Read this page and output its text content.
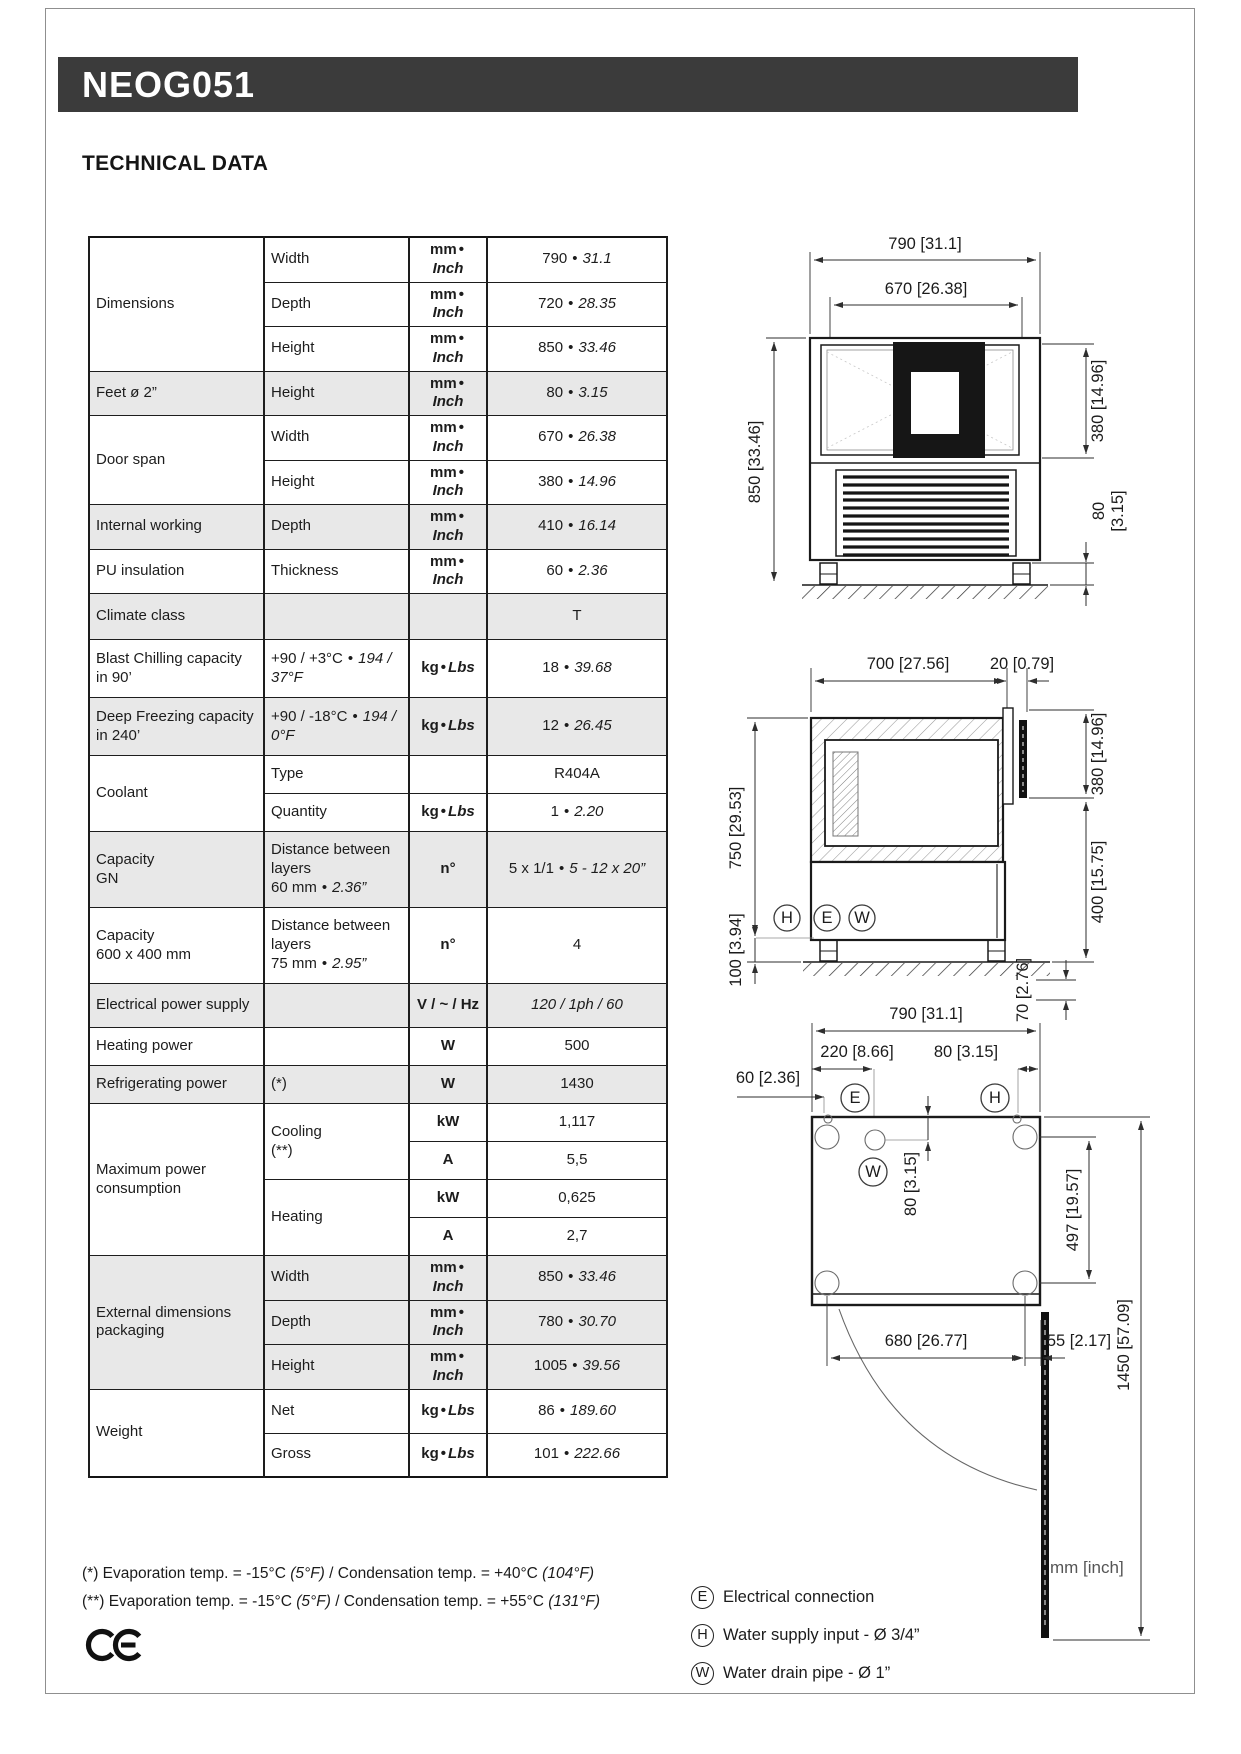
NEOG051
TECHNICAL DATA
Dimensions	Width	mm •Inch	790 • 31.1
	Depth	mm •Inch	720 • 28.35
	Height	mm •Inch	850 • 33.46
Feet ø 2”	Height	mm •Inch	80 • 3.15
Door span	Width	mm •Inch	670 • 26.38
	Height	mm •Inch	380 • 14.96
Internal working	Depth	mm •Inch	410 • 16.14
PU insulation	Thickness	mm •Inch	60 • 2.36
Climate class			T
Blast Chilling capacity
in 90’	+90 / +3°C • 194 / 37°F	kg • Lbs	18 • 39.68
Deep Freezing capacity
in 240’	+90 / -18°C • 194 / 0°F	kg • Lbs	12 • 26.45
Coolant	Type		R404A
	Quantity	kg • Lbs	1 • 2.20
Capacity
GN	Distance between
layers
60 mm • 2.36”	n°	5 x 1/1 • 5 - 12 x 20”
Capacity
600 x 400 mm	Distance between
layers
75 mm • 2.95”	n°	4
Electrical power supply		V / ~ / Hz	120 / 1ph / 60
Heating power		W	500
Refrigerating power	(*)	W	1430
Maximum power
consumption	Cooling
(**)	kW	1,117
		A	5,5
	Heating	kW	0,625
		A	2,7
External dimensions
packaging	Width	mm •Inch	850 • 33.46
	Depth	mm •Inch	780 • 30.70
	Height	mm •Inch	1005 • 39.56
Weight	Net	kg • Lbs	86 • 189.60
	Gross	kg • Lbs	101 • 222.66
790 [31.1]
670 [26.38]
850 [33.46]
380 [14.96]
80 [3.15]
700 [27.56] 20 [0.79]
H E W
750 [29.53]
100 [3.94]
380 [14.96]
400 [15.75]
790 [31.1]
220 [8.66] 80 [3.15]
70 [2.76]
60 [2.36]
E	H
W 80 [3.15]	497 [19.57]
1450 [57.09]
680 [26.77]	55 [2.17]
(*) Evaporation temp. = -15°C (5°F) / Condensation temp. = +40°C (104°F)
(**) Evaporation temp. = -15°C (5°F) / Condensation temp. = +55°C (131°F)	E Electrical connection
H Water supply input - Ø 3/4”
W Water drain pipe - Ø 1”
mm [inch]
